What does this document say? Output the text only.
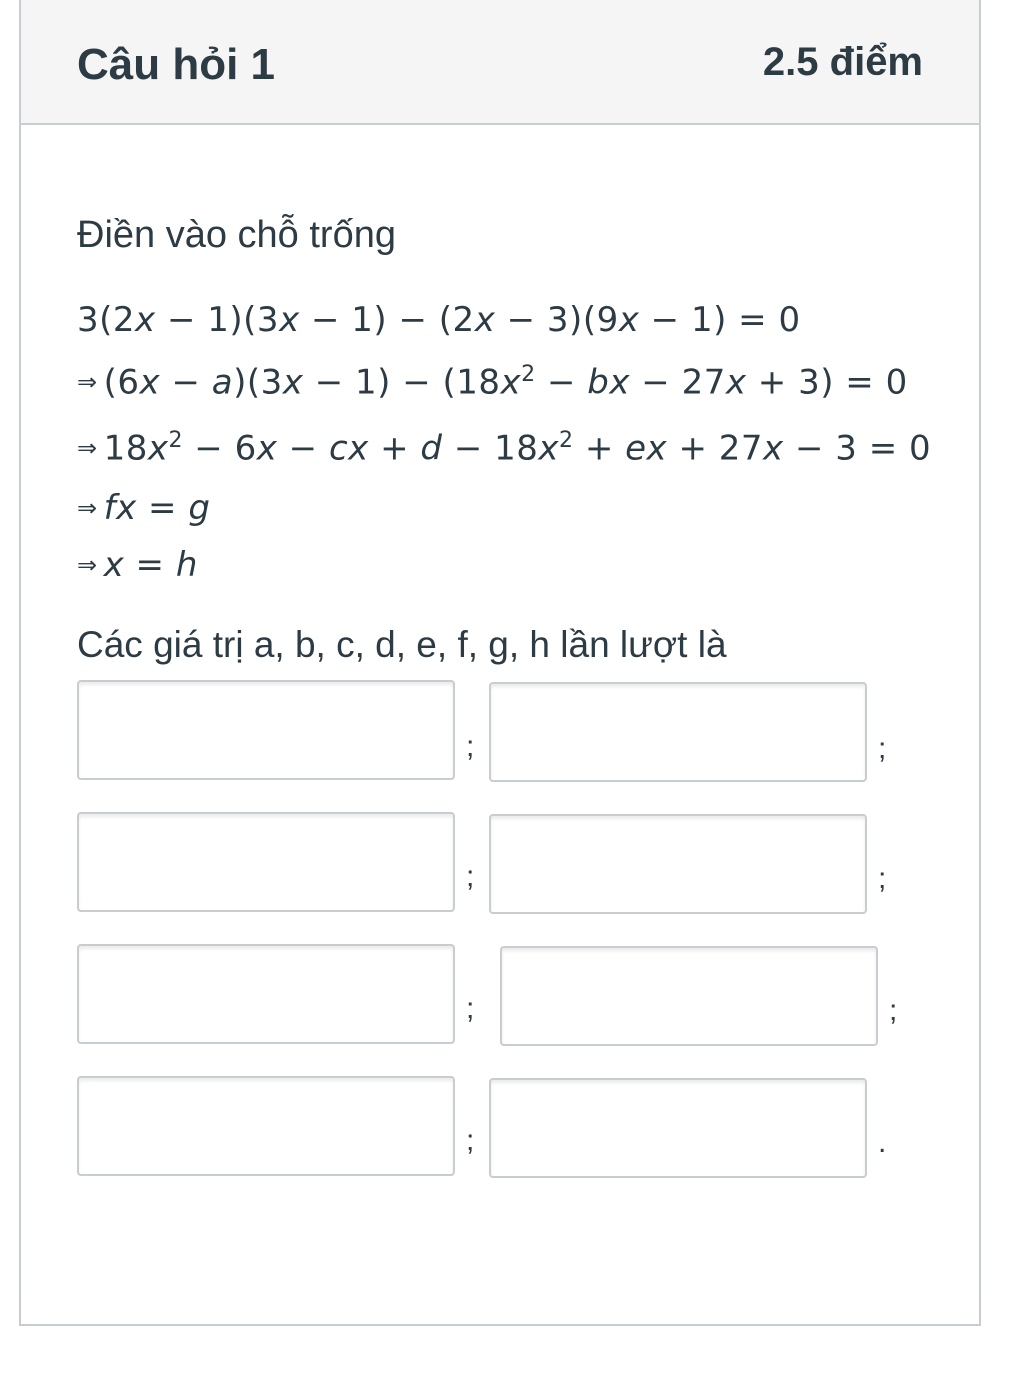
Câu hỏi 1	2.5 điểm
Điền vào chỗ trống
3(2x − 1)(3x − 1) − (2x − 3)(9x − 1) = 0
⇒ $(6x - a)(3x - 1) - (18x^2$ − bx − 27x + 3) = 0
⇒ $18x^2 - 6x$ − cx + $d - 18x^2$ + ex + 27x − 3 = 0
⇒ fx = g
⇒ x = h
Các giá trị a, b, c, d, e, f, g, h lần lượt là
;	;
;	;
;	;
;	.
